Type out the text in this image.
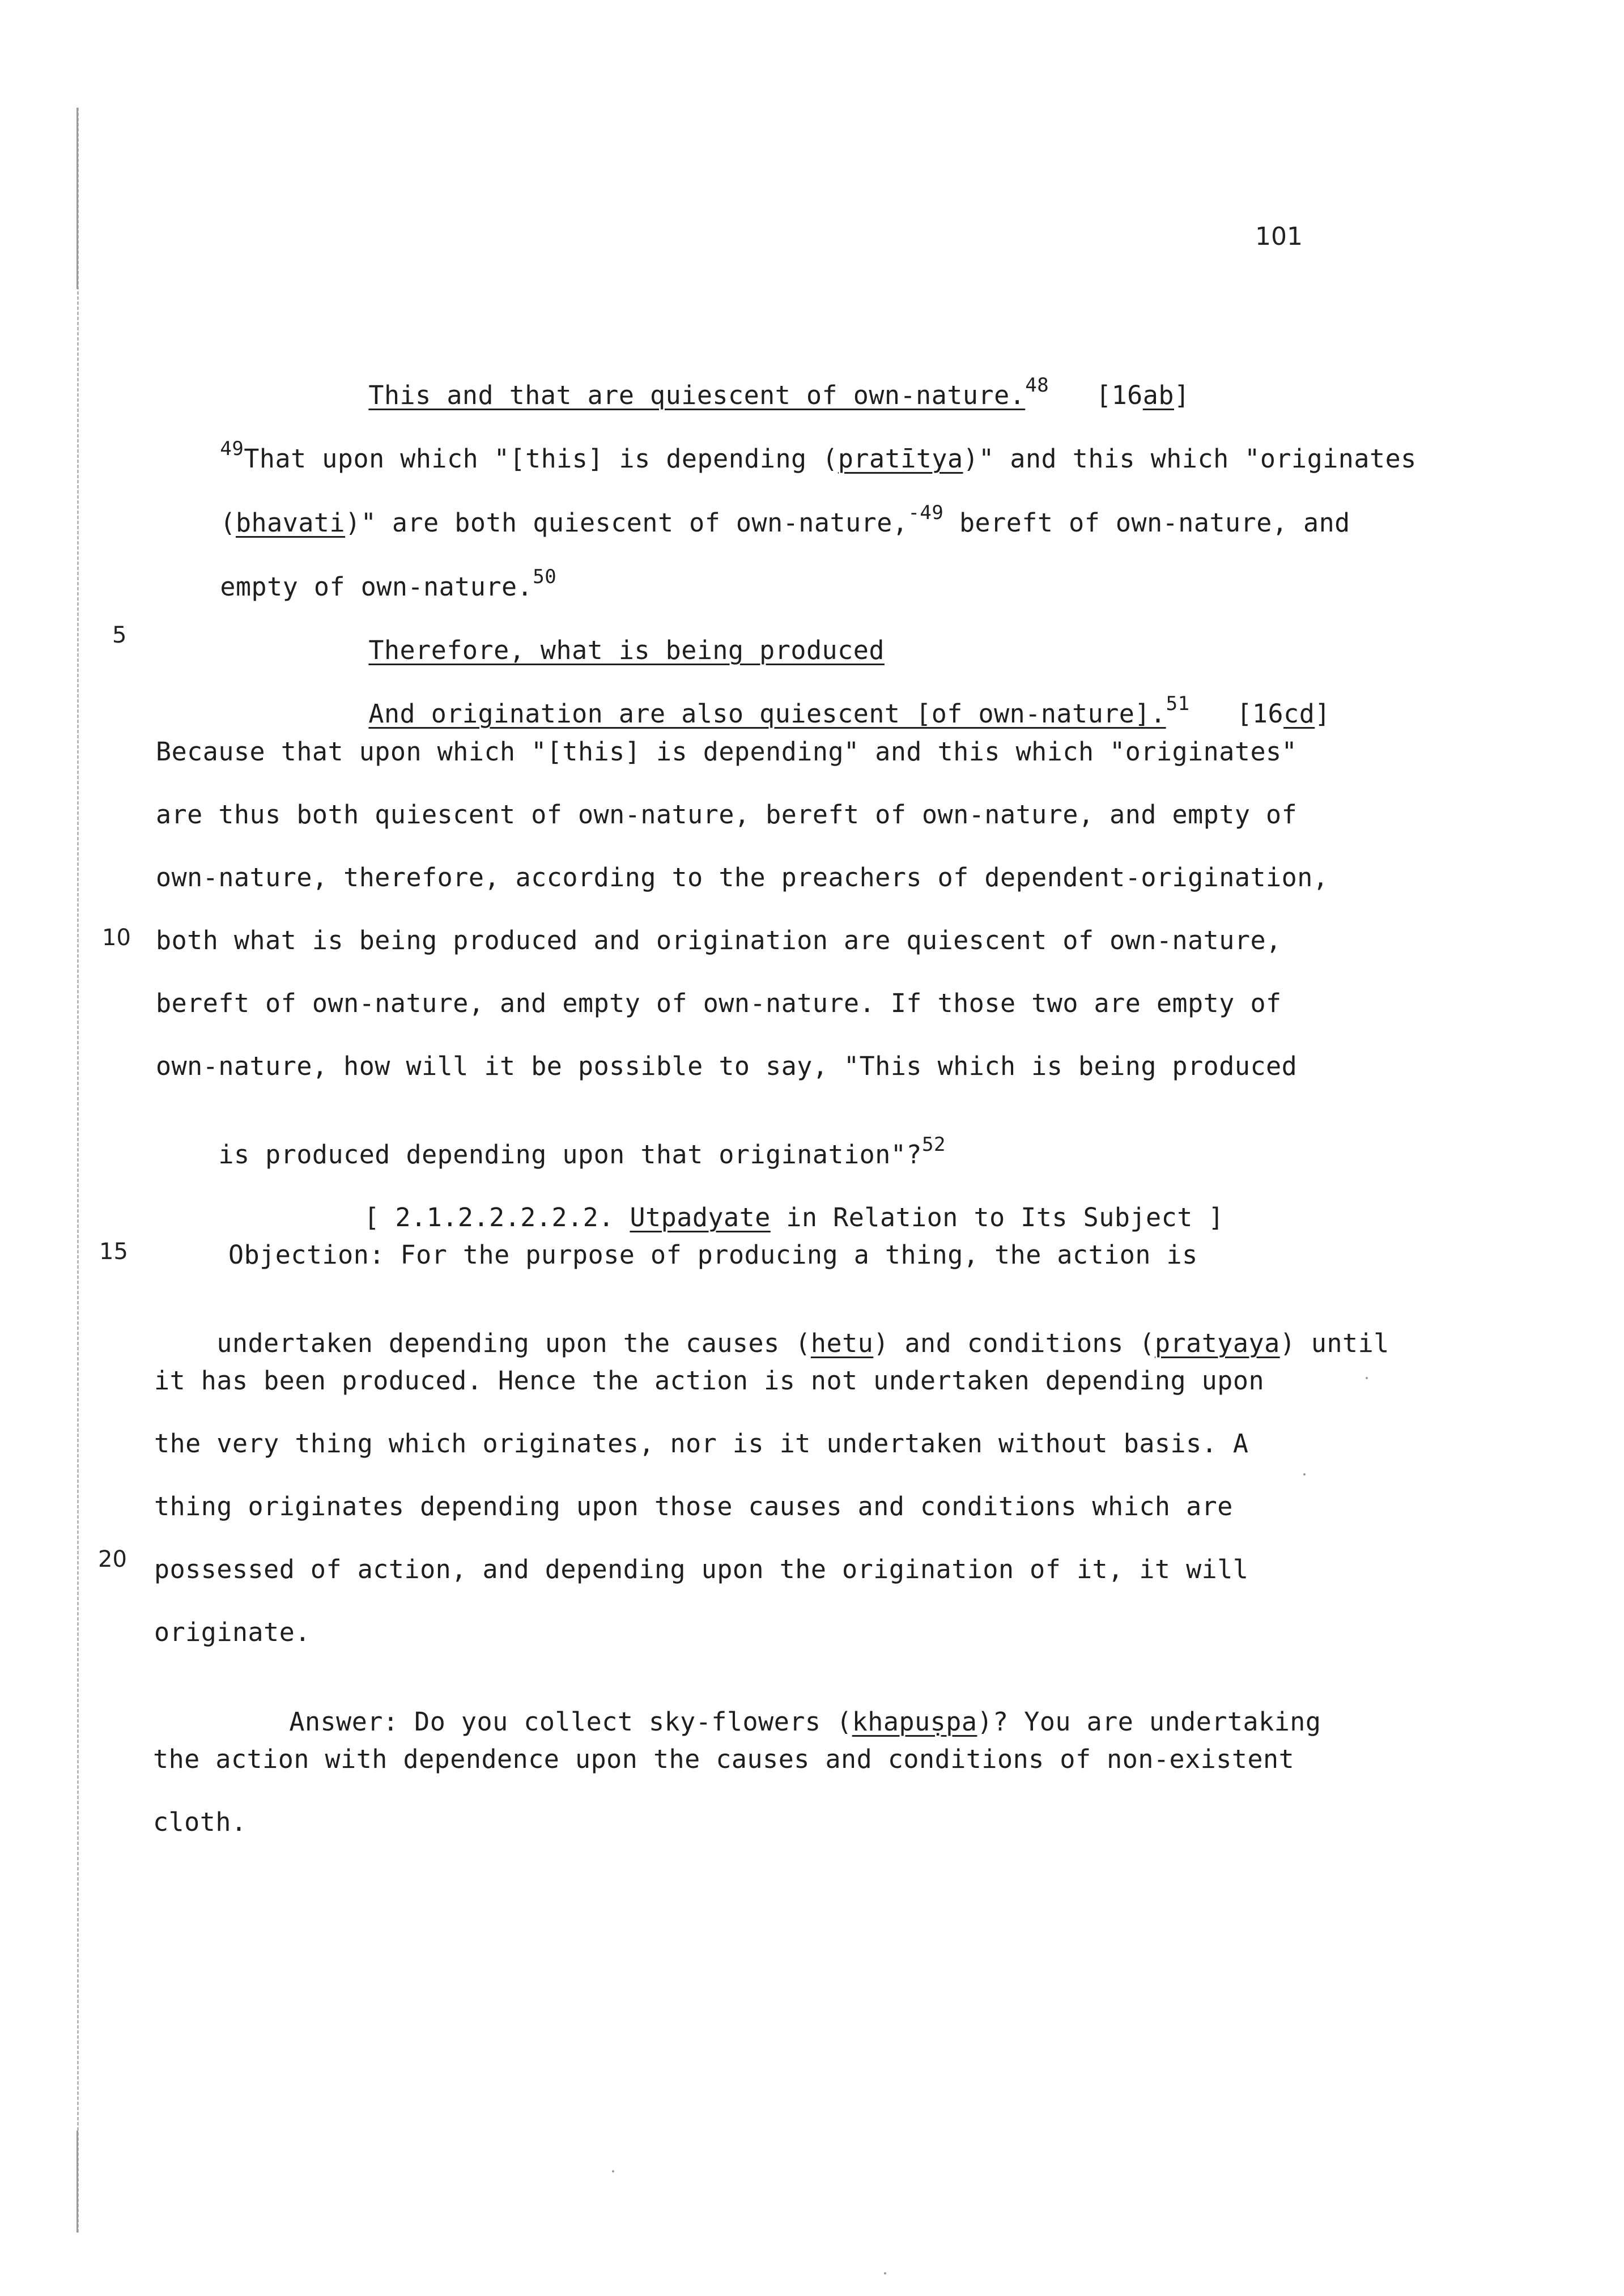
101
5
10
15
20

This and that are quiescent of own-nature.$^{48}$ [16ab]

$^{49}$That upon which "[this] is depending (pratītya)" and this which "originates

(bhavati)" are both quiescent of own-nature,$^{-49}$ bereft of own-nature, and

empty of own-nature.$^{50}$

Therefore, what is being produced

And origination are also quiescent [of own-nature].$^{51}$ [16cd]

Because that upon which "[this] is depending" and this which "originates"
are thus both quiescent of own-nature, bereft of own-nature, and empty of
own-nature, therefore, according to the preachers of dependent-origination,
both what is being produced and origination are quiescent of own-nature,
bereft of own-nature, and empty of own-nature. If those two are empty of
own-nature, how will it be possible to say, "This which is being produced

is produced depending upon that origination"?$^{52}$

[ 2.1.2.2.2.2.2. Utpadyate in Relation to Its Subject ]

Objection: For the purpose of producing a thing, the action is

undertaken depending upon the causes (hetu) and conditions (pratyaya) until

it has been produced. Hence the action is not undertaken depending upon
the very thing which originates, nor is it undertaken without basis. A
thing originates depending upon those causes and conditions which are
possessed of action, and depending upon the origination of it, it will
originate.

Answer: Do you collect sky-flowers (khapuṣpa)? You are undertaking

the action with dependence upon the causes and conditions of non-existent
cloth.
